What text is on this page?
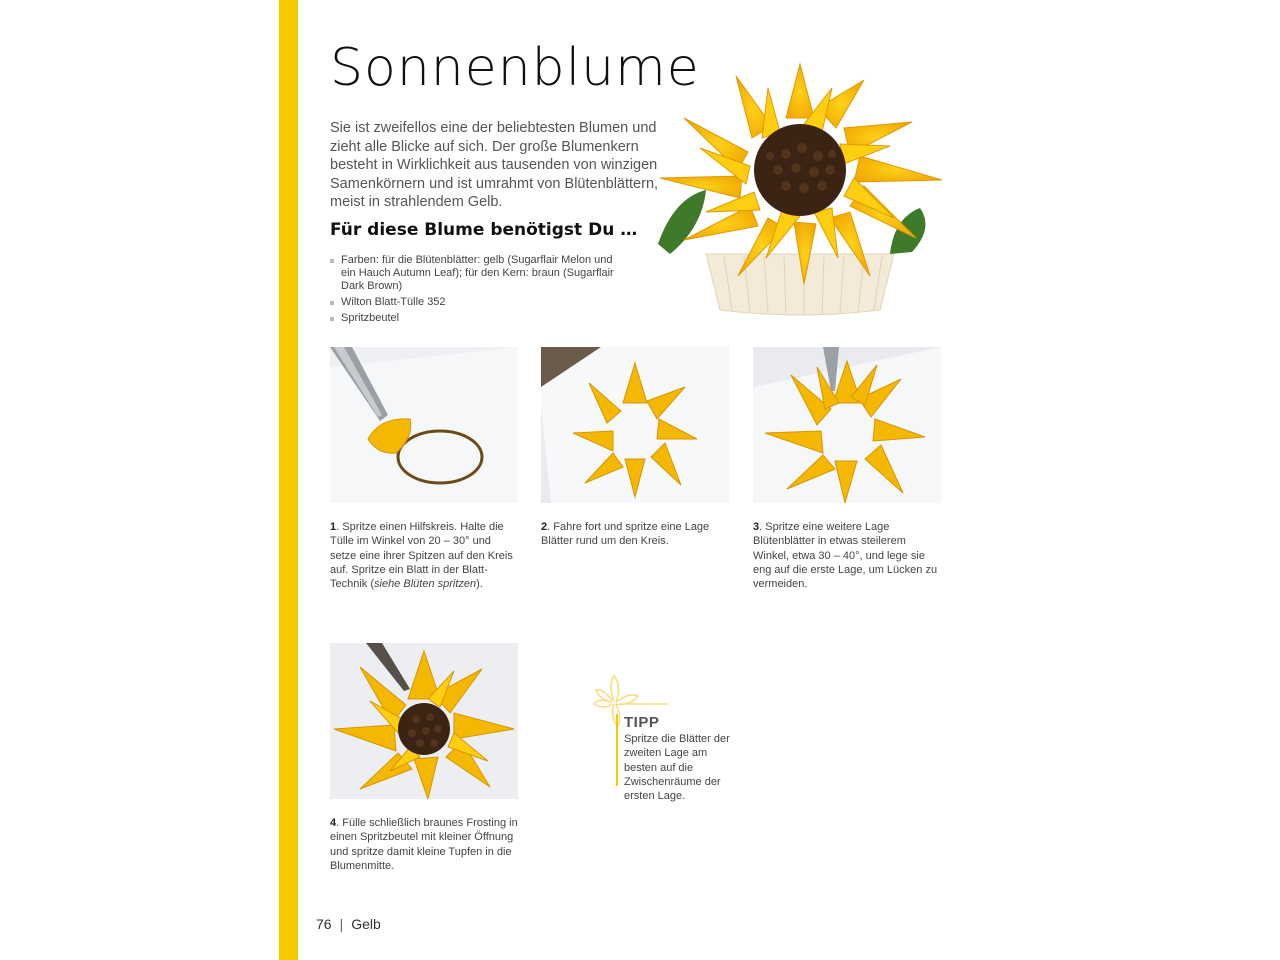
Sonnenblume

Sie ist zweifellos eine der beliebtesten Blumen und zieht alle Blicke auf sich. Der große Blumenkern besteht in Wirklichkeit aus tausenden von winzigen Samenkörnern und ist umrahmt von Blütenblättern, meist in strahlendem Gelb.

Für diese Blume benötigst Du …
Farben: für die Blütenblätter: gelb (Sugarflair Melon und ein Hauch Autumn Leaf); für den Kern: braun (Sugarflair Dark Brown)
Wilton Blatt-Tülle 352
Spritzbeutel

1. Spritze einen Hilfskreis. Halte die Tülle im Winkel von 20 – 30° und setze eine ihrer Spitzen auf den Kreis auf. Spritze ein Blatt in der Blatt-Technik (siehe Blüten spritzen).

2. Fahre fort und spritze eine Lage Blätter rund um den Kreis.

3. Spritze eine weitere Lage Blütenblätter in etwas steilerem Winkel, etwa 30 – 40°, und lege sie eng auf die erste Lage, um Lücken zu vermeiden.

4. Fülle schließlich braunes Frosting in einen Spritzbeutel mit kleiner Öffnung und spritze damit kleine Tupfen in die Blumenmitte.

TIPP

Spritze die Blätter der zweiten Lage am besten auf die Zwischenräume der ersten Lage.

76 | Gelb
